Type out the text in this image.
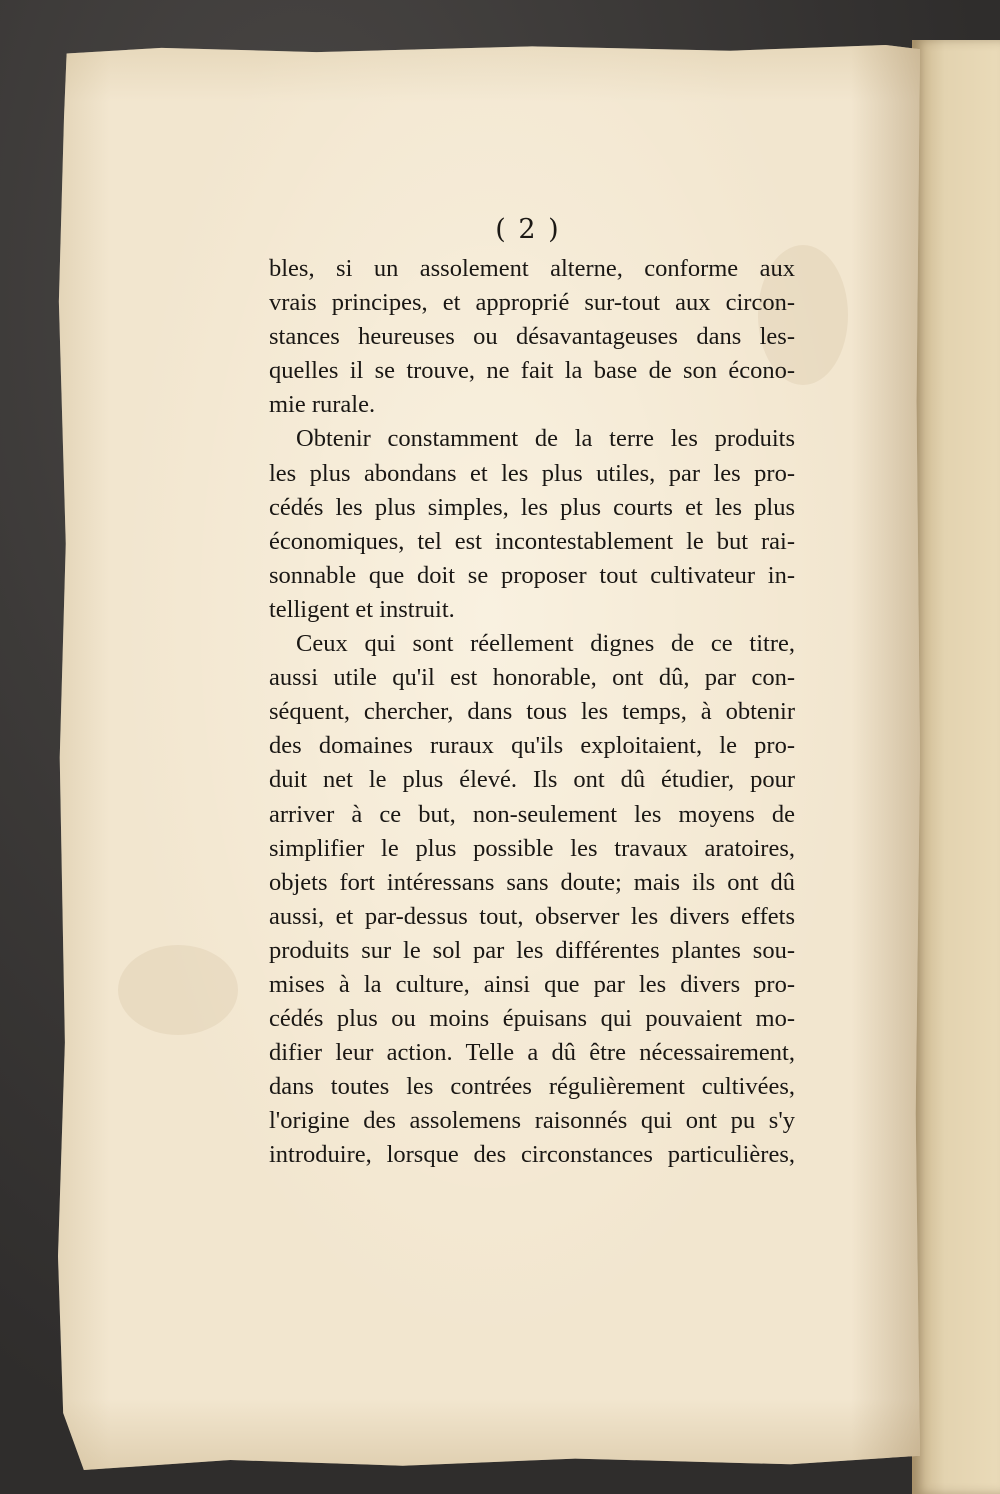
( 2 )
bles, si un assolement alterne, conforme aux
vrais principes, et approprié sur-tout aux circon-
stances heureuses ou désavantageuses dans les-
quelles il se trouve, ne fait la base de son écono-
mie rurale.
Obtenir constamment de la terre les produits
les plus abondans et les plus utiles, par les pro-
cédés les plus simples, les plus courts et les plus
économiques, tel est incontestablement le but rai-
sonnable que doit se proposer tout cultivateur in-
telligent et instruit.
Ceux qui sont réellement dignes de ce titre,
aussi utile qu'il est honorable, ont dû, par con-
séquent, chercher, dans tous les temps, à obtenir
des domaines ruraux qu'ils exploitaient, le pro-
duit net le plus élevé. Ils ont dû étudier, pour
arriver à ce but, non-seulement les moyens de
simplifier le plus possible les travaux aratoires,
objets fort intéressans sans doute; mais ils ont dû
aussi, et par-dessus tout, observer les divers effets
produits sur le sol par les différentes plantes sou-
mises à la culture, ainsi que par les divers pro-
cédés plus ou moins épuisans qui pouvaient mo-
difier leur action. Telle a dû être nécessairement,
dans toutes les contrées régulièrement cultivées,
l'origine des assolemens raisonnés qui ont pu s'y
introduire, lorsque des circonstances particulières,
